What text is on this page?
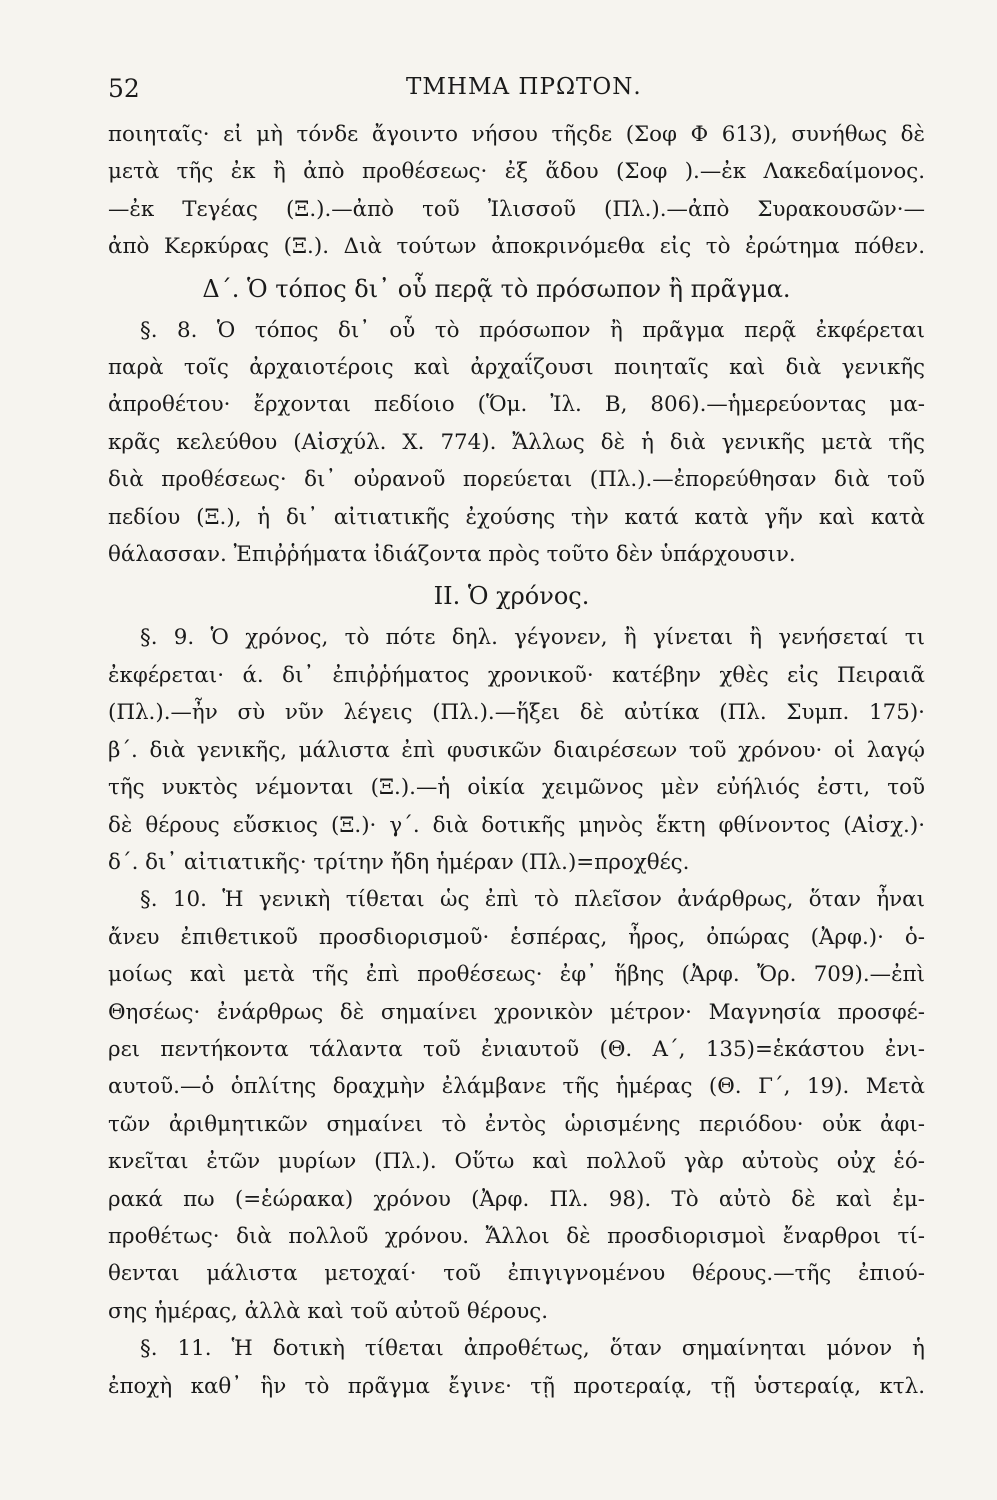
52	ΤΜΗΜΑ ΠΡΩΤΟΝ.
ποιηταῖς· εἰ μὴ τόνδε ἄγοιντο νήσου τῆςδε (Σοφ Φ 613), συνήθως δὲ
μετὰ τῆς ἐκ ἢ ἀπὸ προθέσεως· ἐξ ἅδου (Σοφ ).—ἐκ Λακεδαίμονος.
—ἐκ Τεγέας (Ξ.).—ἀπὸ τοῦ Ἰλισσοῦ (Πλ.).—ἀπὸ Συρακουσῶν·—
ἀπὸ Κερκύρας (Ξ.). Διὰ τούτων ἀποκρινόμεθα εἰς τὸ ἐρώτημα πόθεν.
Δ΄. Ὁ τόπος δι᾿ οὗ περᾷ τὸ πρόσωπον ἢ πρᾶγμα.
§. 8. Ὁ τόπος δι᾿ οὗ τὸ πρόσωπον ἢ πρᾶγμα περᾷ ἐκφέρεται
παρὰ τοῖς ἀρχαιοτέροις καὶ ἀρχαΐζουσι ποιηταῖς καὶ διὰ γενικῆς
ἀπροθέτου· ἔρχονται πεδίοιο (Ὅμ. Ἰλ. Β, 806).—ἡμερεύοντας μα-
κρᾶς κελεύθου (Αἰσχύλ. Χ. 774). Ἄλλως δὲ ἡ διὰ γενικῆς μετὰ τῆς
διὰ προθέσεως· δι᾿ οὐρανοῦ πορεύεται (Πλ.).—ἐπορεύθησαν διὰ τοῦ
πεδίου (Ξ.), ἡ δι᾿ αἰτιατικῆς ἐχούσης τὴν κατά κατὰ γῆν καὶ κατὰ
θάλασσαν. Ἐπιῤῥήματα ἰδιάζοντα πρὸς τοῦτο δὲν ὑπάρχουσιν.
II. Ὁ χρόνος.
§. 9. Ὁ χρόνος, τὸ πότε δηλ. γέγονεν, ἢ γίνεται ἢ γενήσεταί τι
ἐκφέρεται· ά. δι᾿ ἐπιῤῥήματος χρονικοῦ· κατέβην χθὲς εἰς Πειραιᾶ
(Πλ.).—ἦν σὺ νῦν λέγεις (Πλ.).—ἥξει δὲ αὐτίκα (Πλ. Συμπ. 175)·
β΄. διὰ γενικῆς, μάλιστα ἐπὶ φυσικῶν διαιρέσεων τοῦ χρόνου· οἱ λαγῴ
τῆς νυκτὸς νέμονται (Ξ.).—ἡ οἰκία χειμῶνος μὲν εὐήλιός ἐστι, τοῦ
δὲ θέρους εὔσκιος (Ξ.)· γ΄. διὰ δοτικῆς μηνὸς ἕκτη φθίνοντος (Αἰσχ.)·
δ΄. δι᾿ αἰτιατικῆς· τρίτην ἤδη ἡμέραν (Πλ.)=προχθές.
§. 10. Ἡ γενικὴ τίθεται ὡς ἐπὶ τὸ πλεῖσον ἀνάρθρως, ὅταν ἦναι
ἄνευ ἐπιθετικοῦ προσδιορισμοῦ· ἑσπέρας, ἦρος, ὀπώρας (Ἀρφ.)· ὁ-
μοίως καὶ μετὰ τῆς ἐπὶ προθέσεως· ἐφ᾿ ἥβης (Ἀρφ. Ὄρ. 709).—ἐπὶ
Θησέως· ἐνάρθρως δὲ σημαίνει χρονικὸν μέτρον· Μαγνησία προσφέ-
ρει πεντήκοντα τάλαντα τοῦ ἐνιαυτοῦ (Θ. Α΄, 135)=ἑκάστου ἐνι-
αυτοῦ.—ὁ ὁπλίτης δραχμὴν ἐλάμβανε τῆς ἡμέρας (Θ. Γ΄, 19). Μετὰ
τῶν ἀριθμητικῶν σημαίνει τὸ ἐντὸς ὡρισμένης περιόδου· οὐκ ἀφι-
κνεῖται ἐτῶν μυρίων (Πλ.). Οὕτω καὶ πολλοῦ γὰρ αὐτοὺς οὐχ ἑό-
ρακά πω (=ἑώρακα) χρόνου (Ἀρφ. Πλ. 98). Τὸ αὐτὸ δὲ καὶ ἐμ-
προθέτως· διὰ πολλοῦ χρόνου. Ἄλλοι δὲ προσδιορισμοὶ ἔναρθροι τί-
θενται μάλιστα μετοχαί· τοῦ ἐπιγιγνομένου θέρους.—τῆς ἐπιού-
σης ἡμέρας, ἀλλὰ καὶ τοῦ αὐτοῦ θέρους.
§. 11. Ἡ δοτικὴ τίθεται ἀπροθέτως, ὅταν σημαίνηται μόνον ἡ
ἐποχὴ καθ᾿ ἣν τὸ πρᾶγμα ἔγινε· τῇ προτεραίᾳ, τῇ ὑστεραίᾳ, κτλ.
